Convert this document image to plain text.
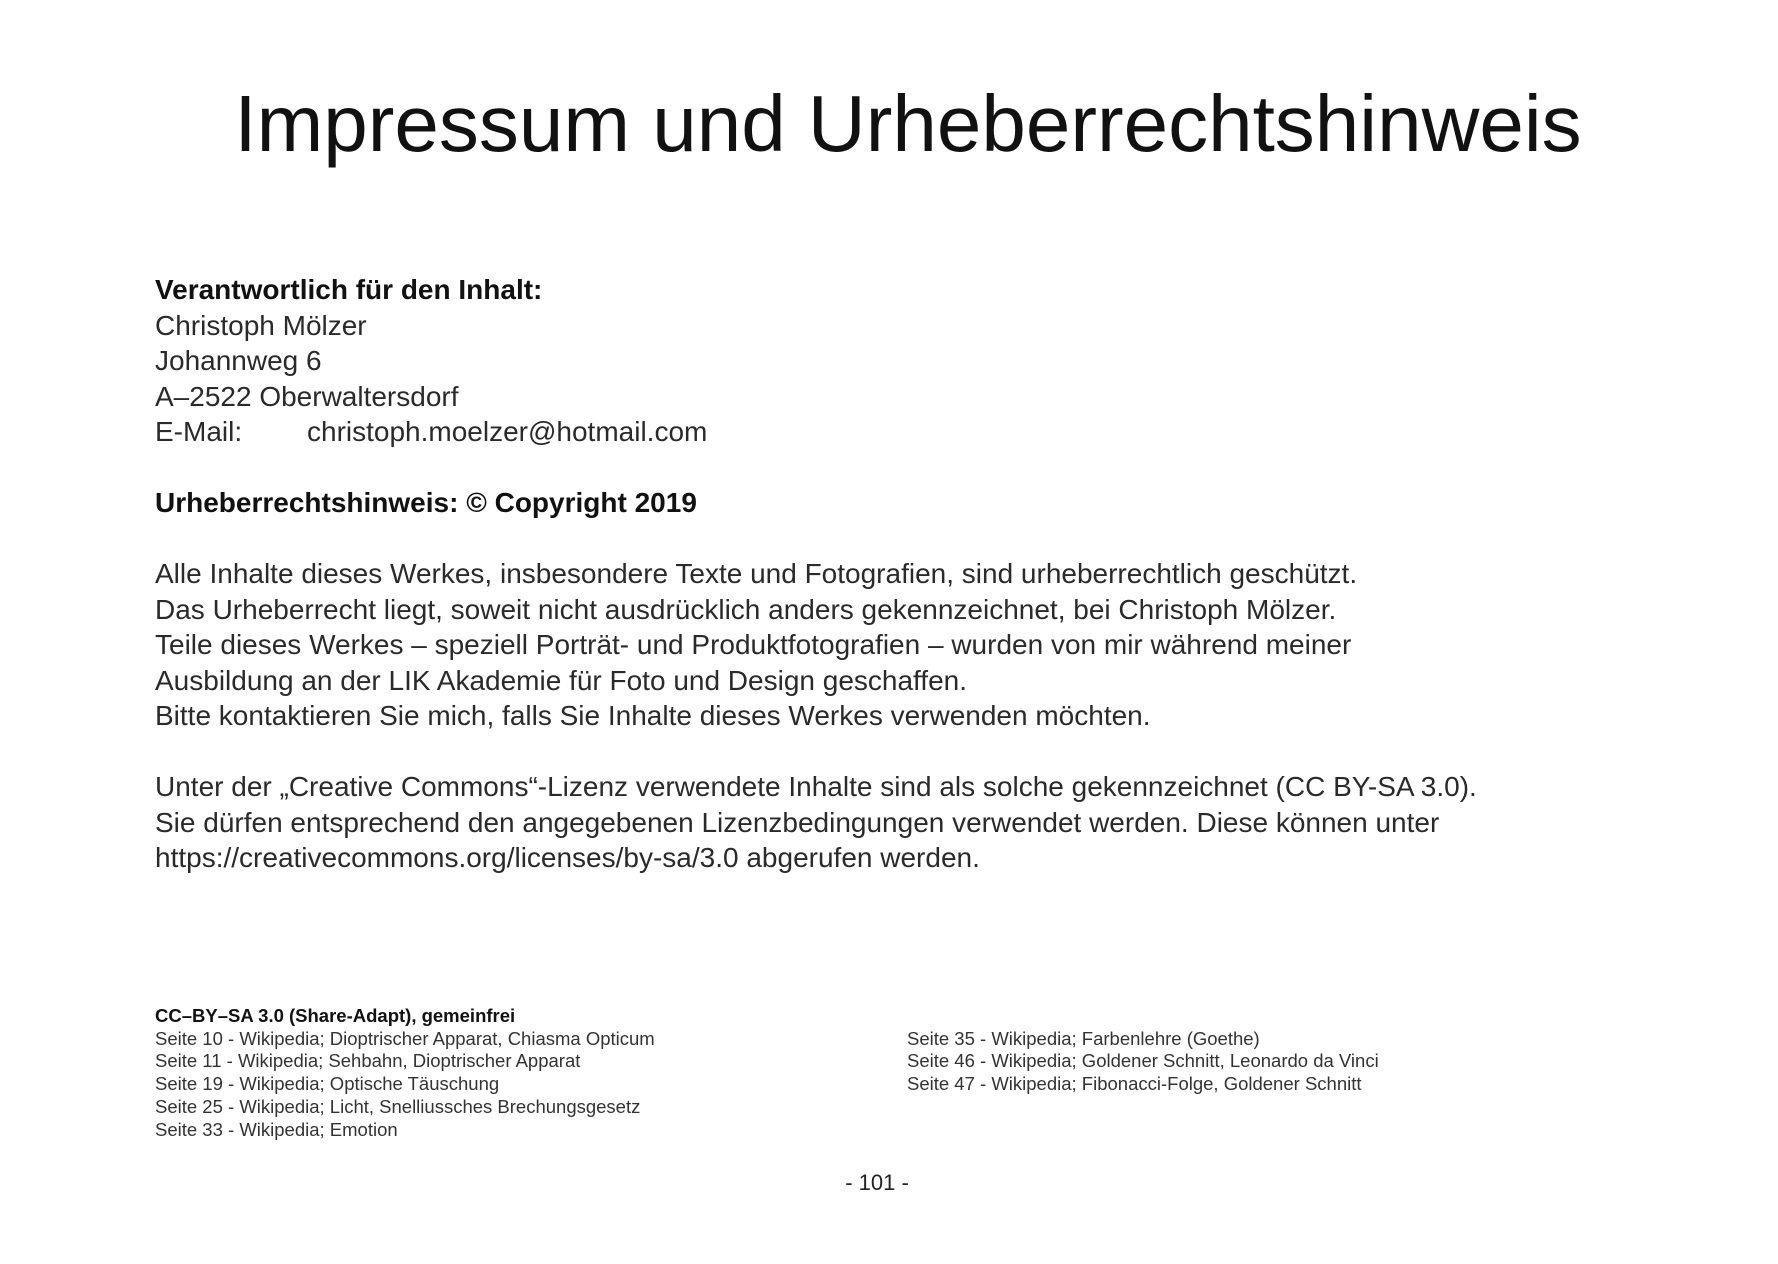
Impressum und Urheberrechtshinweis

Verantwortlich für den Inhalt:

Christoph Mölzer

Johannweg 6

A–2522 Oberwaltersdorf

E-Mail:	christoph.moelzer@hotmail.com

Urheberrechtshinweis: © Copyright 2019

Alle Inhalte dieses Werkes, insbesondere Texte und Fotografien, sind urheberrechtlich geschützt.

Das Urheberrecht liegt, soweit nicht ausdrücklich anders gekennzeichnet, bei Christoph Mölzer.

Teile dieses Werkes – speziell Porträt- und Produktfotografien – wurden von mir während meiner

Ausbildung an der LIK Akademie für Foto und Design geschaffen.

Bitte kontaktieren Sie mich, falls Sie Inhalte dieses Werkes verwenden möchten.

Unter der „Creative Commons“-Lizenz verwendete Inhalte sind als solche gekennzeichnet (CC BY-SA 3.0).

Sie dürfen entsprechend den angegebenen Lizenzbedingungen verwendet werden. Diese können unter

https://creativecommons.org/licenses/by-sa/3.0 abgerufen werden.

CC–BY–SA 3.0 (Share-Adapt), gemeinfrei

Seite 10 - Wikipedia; Dioptrischer Apparat, Chiasma Opticum
Seite 11 - Wikipedia; Sehbahn, Dioptrischer Apparat
Seite 19 - Wikipedia; Optische Täuschung
Seite 25 - Wikipedia; Licht, Snelliussches Brechungsgesetz
Seite 33 - Wikipedia; Emotion
Seite 35 - Wikipedia; Farbenlehre (Goethe)
Seite 46 - Wikipedia; Goldener Schnitt, Leonardo da Vinci
Seite 47 - Wikipedia; Fibonacci-Folge, Goldener Schnitt
- 101 -
